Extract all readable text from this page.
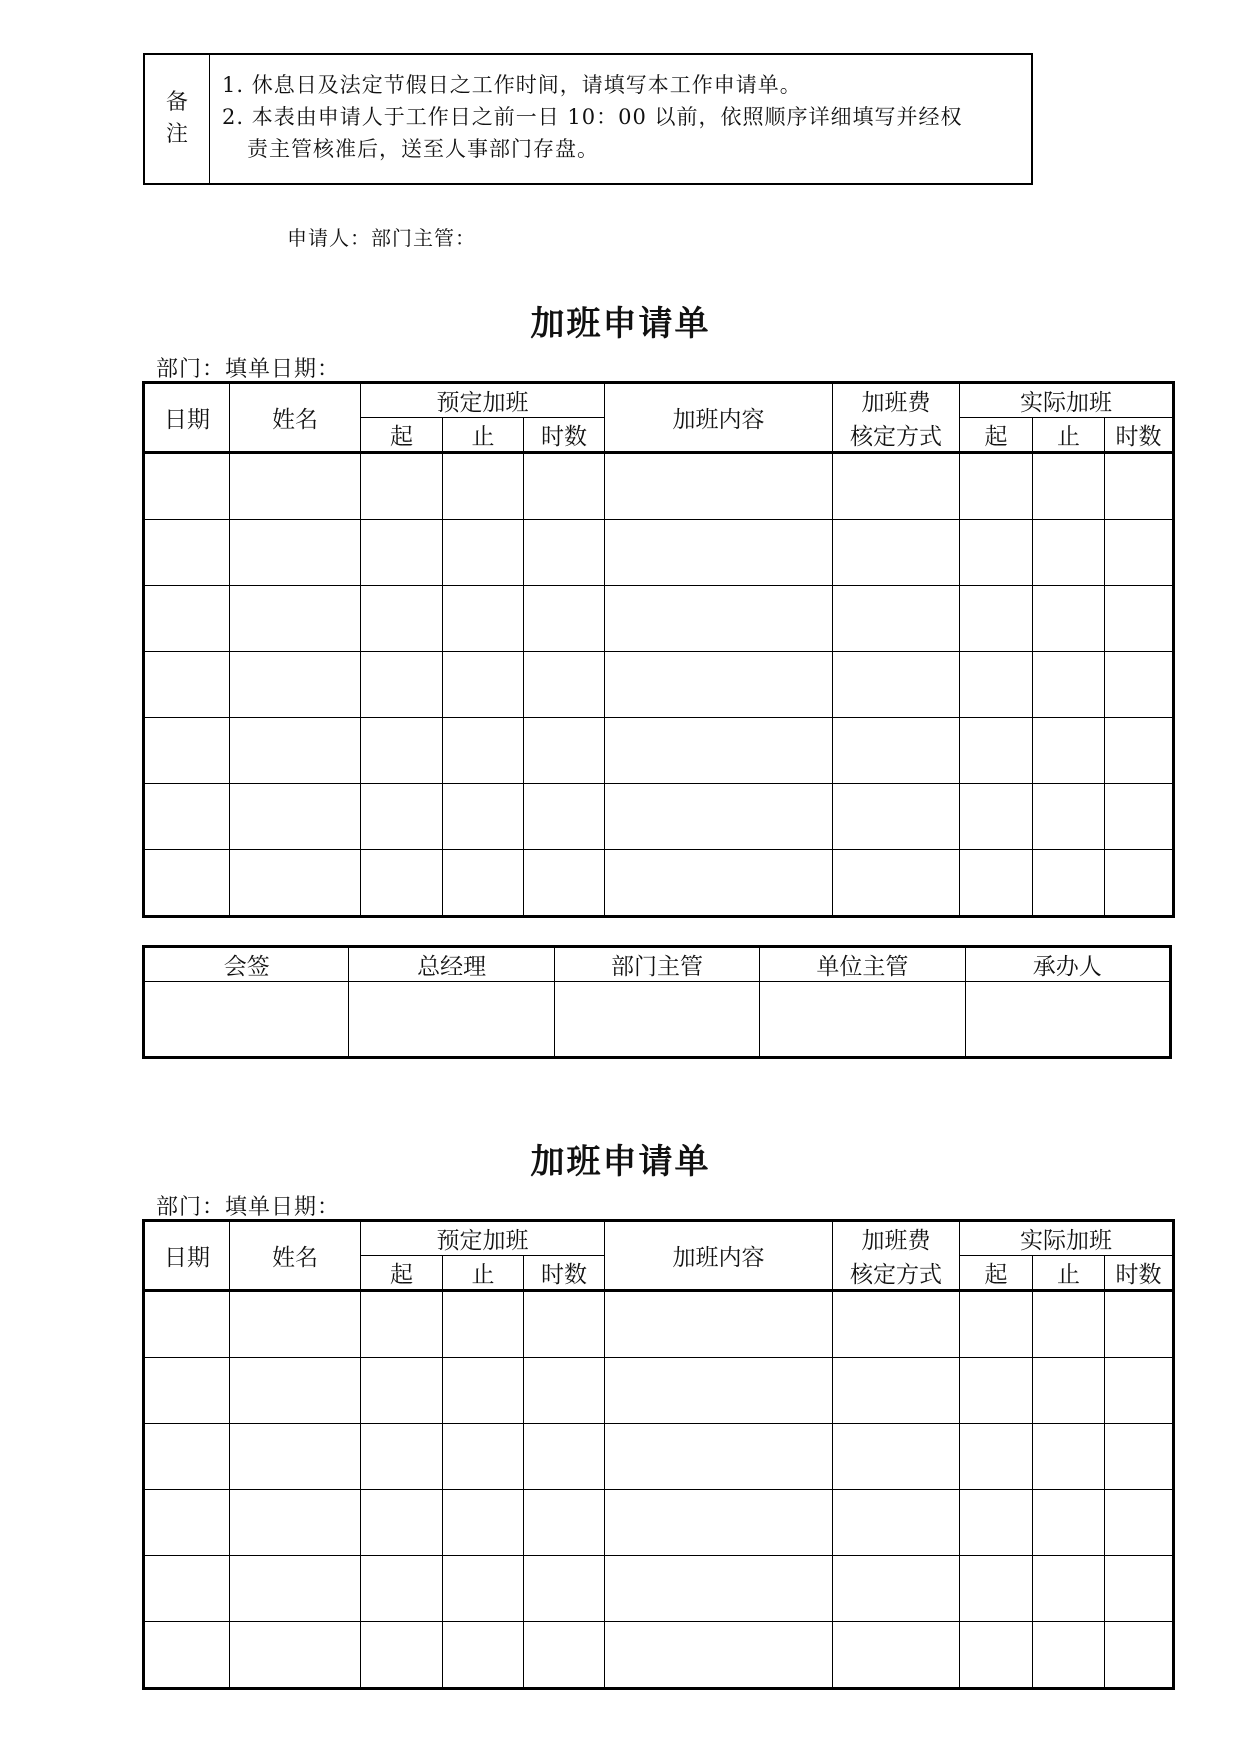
备
注
1. 休息日及法定节假日之工作时间，请填写本工作申请单。
2. 本表由申请人于工作日之前一日 10：00 以前，依照顺序详细填写并经权
责主管核准后，送至人事部门存盘。
申请人：部门主管：
加班申请单
部门：填单日期：
日期	姓名	预定加班			加班内容	加班费	实际加班		
		起	止	时数		核定方式	起	止	时数

会签	总经理	部门主管	单位主管	承办人

加班申请单
部门：填单日期：
日期	姓名	预定加班			加班内容	加班费	实际加班		
		起	止	时数		核定方式	起	止	时数
